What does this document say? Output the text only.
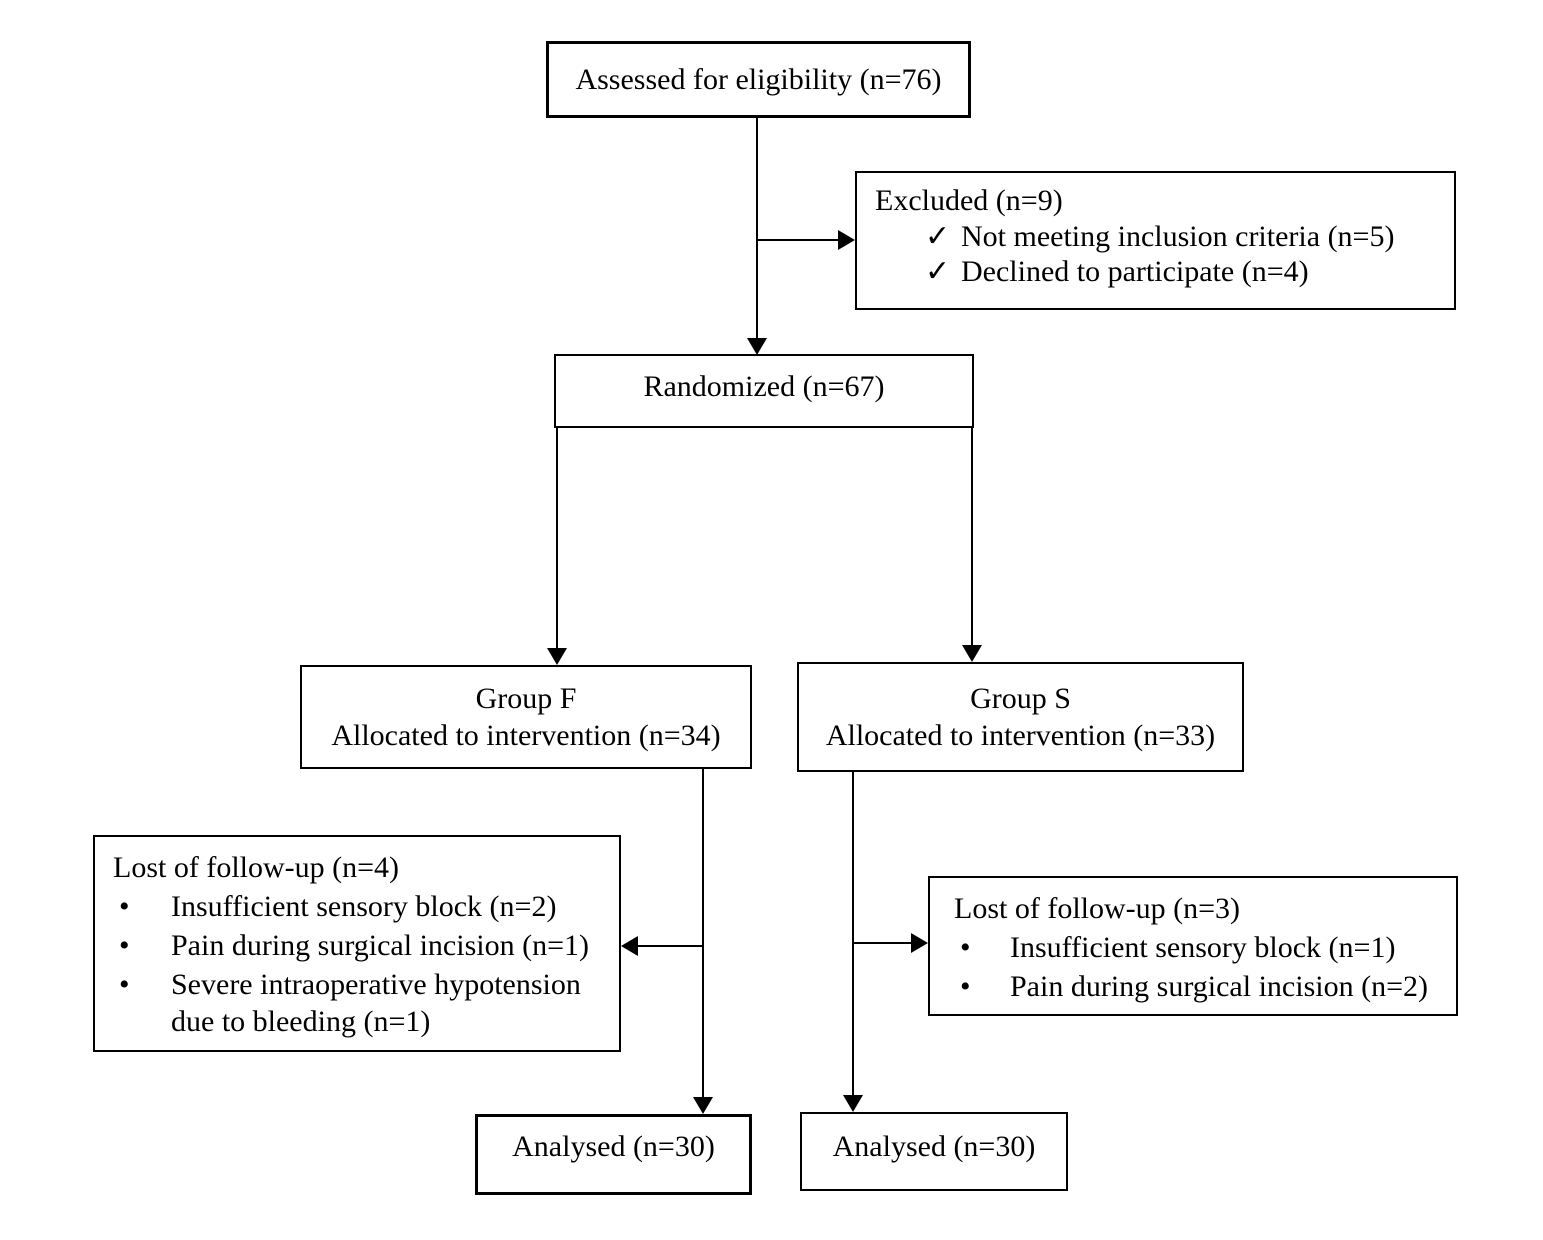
Assessed for eligibility (n=76)
Excluded (n=9)
✓ Not meeting inclusion criteria (n=5)
✓ Declined to participate (n=4)
Randomized (n=67)
Group F
Allocated to intervention (n=34)
Group S
Allocated to intervention (n=33)
Lost of follow-up (n=4)
•	Insufficient sensory block (n=2)
•	Pain during surgical incision (n=1)
•	Severe intraoperative hypotension due to bleeding (n=1)
Lost of follow-up (n=3)
•	Insufficient sensory block (n=1)
•	Pain during surgical incision (n=2)
Analysed (n=30)	Analysed (n=30)
